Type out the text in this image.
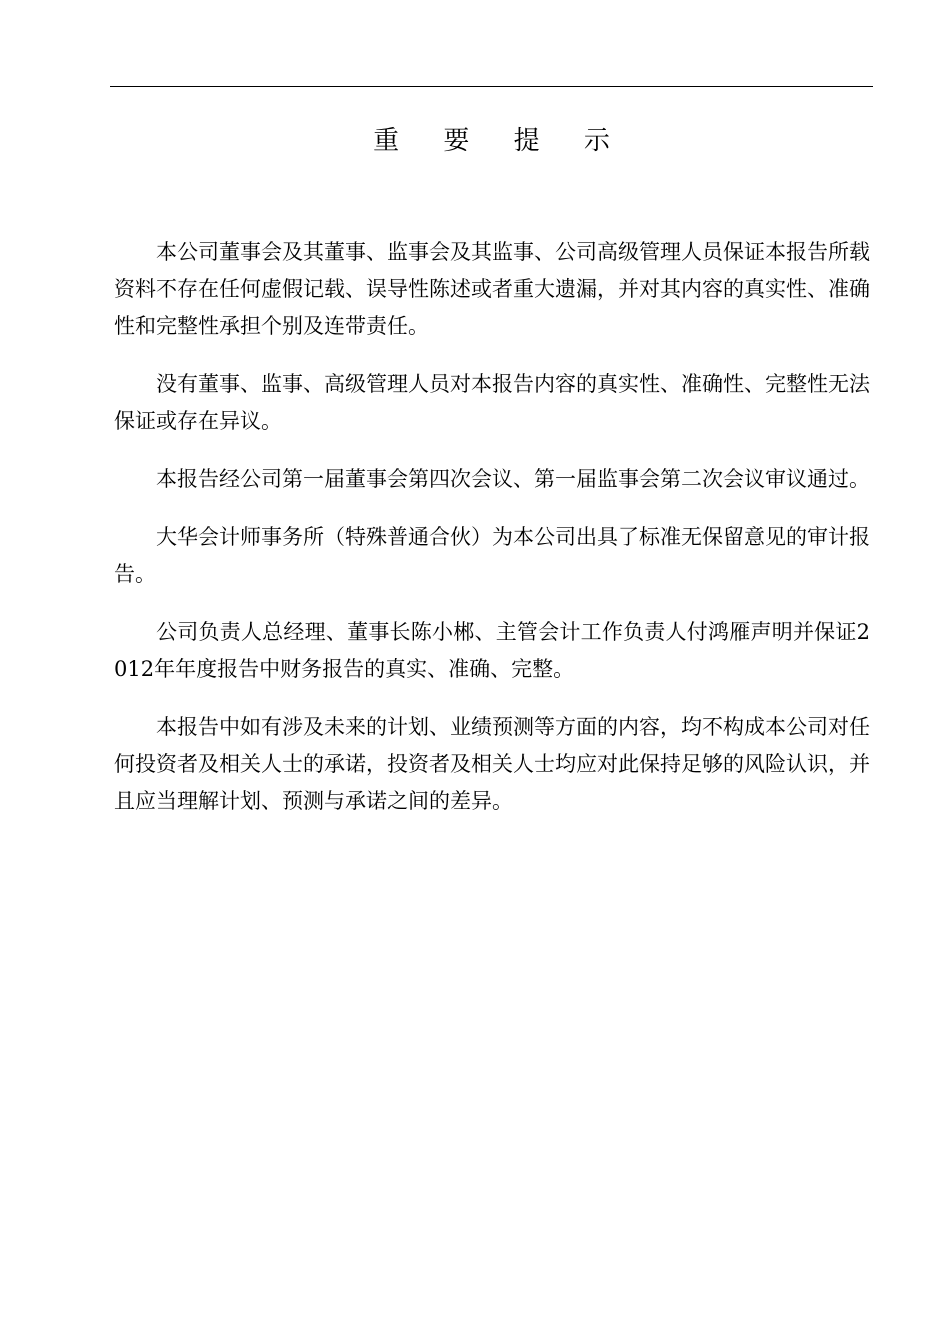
重 要 提 示

本公司董事会及其董事、监事会及其监事、公司高级管理人员保证本报告所载资料不存在任何虚假记载、误导性陈述或者重大遗漏，并对其内容的真实性、准确性和完整性承担个别及连带责任。

没有董事、监事、高级管理人员对本报告内容的真实性、准确性、完整性无法保证或存在异议。

本报告经公司第一届董事会第四次会议、第一届监事会第二次会议审议通过。

大华会计师事务所（特殊普通合伙）为本公司出具了标准无保留意见的审计报告。

公司负责人总经理、董事长陈小郴、主管会计工作负责人付鸿雁声明并保证2012年年度报告中财务报告的真实、准确、完整。

本报告中如有涉及未来的计划、业绩预测等方面的内容，均不构成本公司对任何投资者及相关人士的承诺，投资者及相关人士均应对此保持足够的风险认识，并且应当理解计划、预测与承诺之间的差异。
